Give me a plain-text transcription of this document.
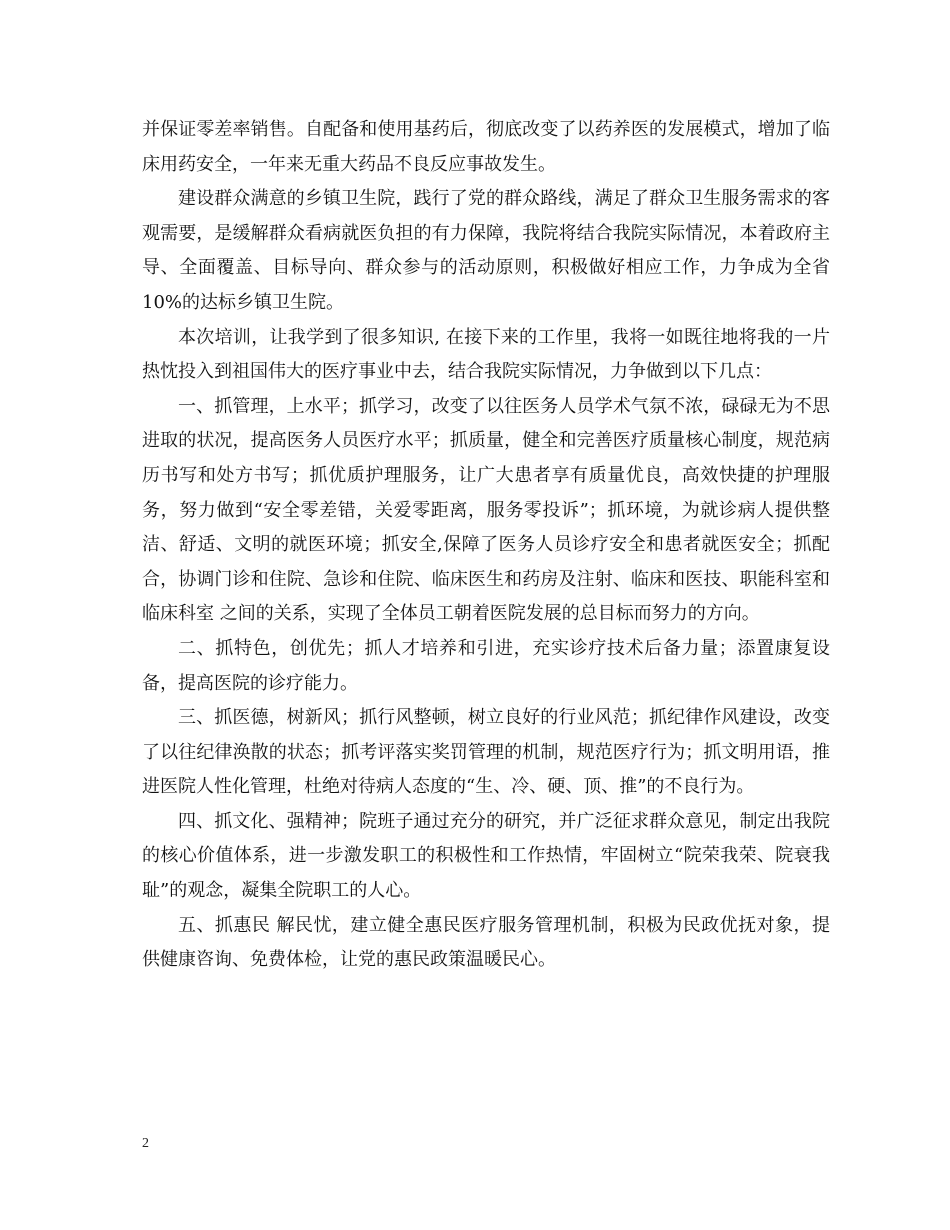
并保证零差率销售。自配备和使用基药后，彻底改变了以药养医的发展模式，增加了临床用药安全，一年来无重大药品不良反应事故发生。

建设群众满意的乡镇卫生院，践行了党的群众路线，满足了群众卫生服务需求的客观需要，是缓解群众看病就医负担的有力保障，我院将结合我院实际情况，本着政府主导、全面覆盖、目标导向、群众参与的活动原则，积极做好相应工作，力争成为全省 10%的达标乡镇卫生院。

本次培训，让我学到了很多知识, 在接下来的工作里，我将一如既往地将我的一片热忱投入到祖国伟大的医疗事业中去，结合我院实际情况，力争做到以下几点：

一、抓管理，上水平；抓学习，改变了以往医务人员学术气氛不浓，碌碌无为不思进取的状况，提高医务人员医疗水平；抓质量，健全和完善医疗质量核心制度，规范病历书写和处方书写；抓优质护理服务，让广大患者享有质量优良，高效快捷的护理服务，努力做到“安全零差错，关爱零距离，服务零投诉”；抓环境，为就诊病人提供整洁、舒适、文明的就医环境；抓安全,保障了医务人员诊疗安全和患者就医安全；抓配合，协调门诊和住院、急诊和住院、临床医生和药房及注射、临床和医技、职能科室和临床科室 之间的关系，实现了全体员工朝着医院发展的总目标而努力的方向。

二、抓特色，创优先；抓人才培养和引进，充实诊疗技术后备力量；添置康复设备，提高医院的诊疗能力。

三、抓医德，树新风；抓行风整顿，树立良好的行业风范；抓纪律作风建设，改变了以往纪律涣散的状态；抓考评落实奖罚管理的机制，规范医疗行为；抓文明用语，推进医院人性化管理，杜绝对待病人态度的“生、冷、硬、顶、推”的不良行为。

四、抓文化、强精神；院班子通过充分的研究，并广泛征求群众意见，制定出我院的核心价值体系，进一步激发职工的积极性和工作热情，牢固树立“院荣我荣、院衰我耻”的观念，凝集全院职工的人心。

五、抓惠民 解民忧，建立健全惠民医疗服务管理机制，积极为民政优抚对象，提供健康咨询、免费体检，让党的惠民政策温暖民心。

2
